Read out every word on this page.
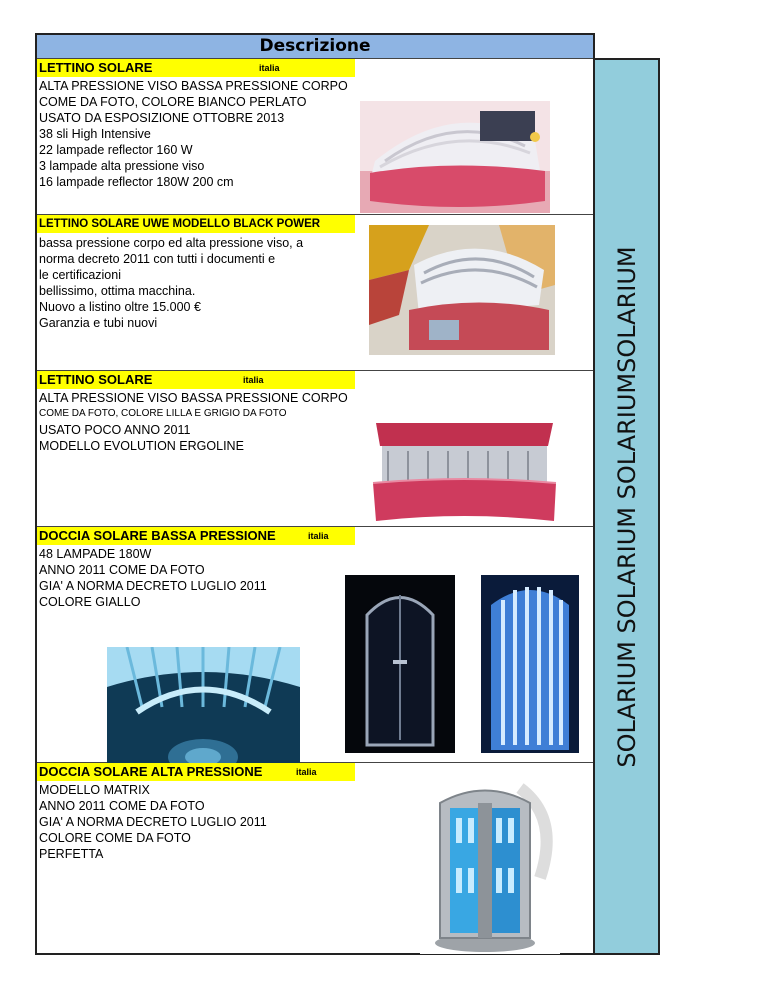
Descrizione
LETTINO SOLARE	italia
ALTA PRESSIONE VISO BASSA PRESSIONE CORPO
COME DA FOTO, COLORE BIANCO PERLATO
USATO DA ESPOSIZIONE OTTOBRE 2013
38 sli High Intensive
22 lampade reflector 160 W
3 lampade alta pressione viso
16 lampade reflector 180W 200 cm
LETTINO SOLARE UWE MODELLO BLACK POWER
bassa pressione corpo ed alta pressione viso, a
norma decreto 2011 con tutti i documenti e
le certificazioni
bellissimo, ottima macchina.
Nuovo a listino oltre 15.000 €
Garanzia e tubi nuovi
LETTINO SOLARE	italia
ALTA PRESSIONE VISO BASSA PRESSIONE CORPO
COME DA FOTO, COLORE LILLA E GRIGIO DA FOTO
USATO POCO ANNO 2011
MODELLO EVOLUTION ERGOLINE
DOCCIA SOLARE BASSA PRESSIONE	italia
48 LAMPADE 180W
ANNO 2011 COME DA FOTO
GIA' A NORMA DECRETO LUGLIO 2011
COLORE GIALLO
DOCCIA SOLARE ALTA PRESSIONE	italia
MODELLO MATRIX
ANNO 2011 COME DA FOTO
GIA' A NORMA DECRETO LUGLIO 2011
COLORE COME DA FOTO
PERFETTA
SOLARIUM SOLARIUM SOLARIUMSOLARIUM
